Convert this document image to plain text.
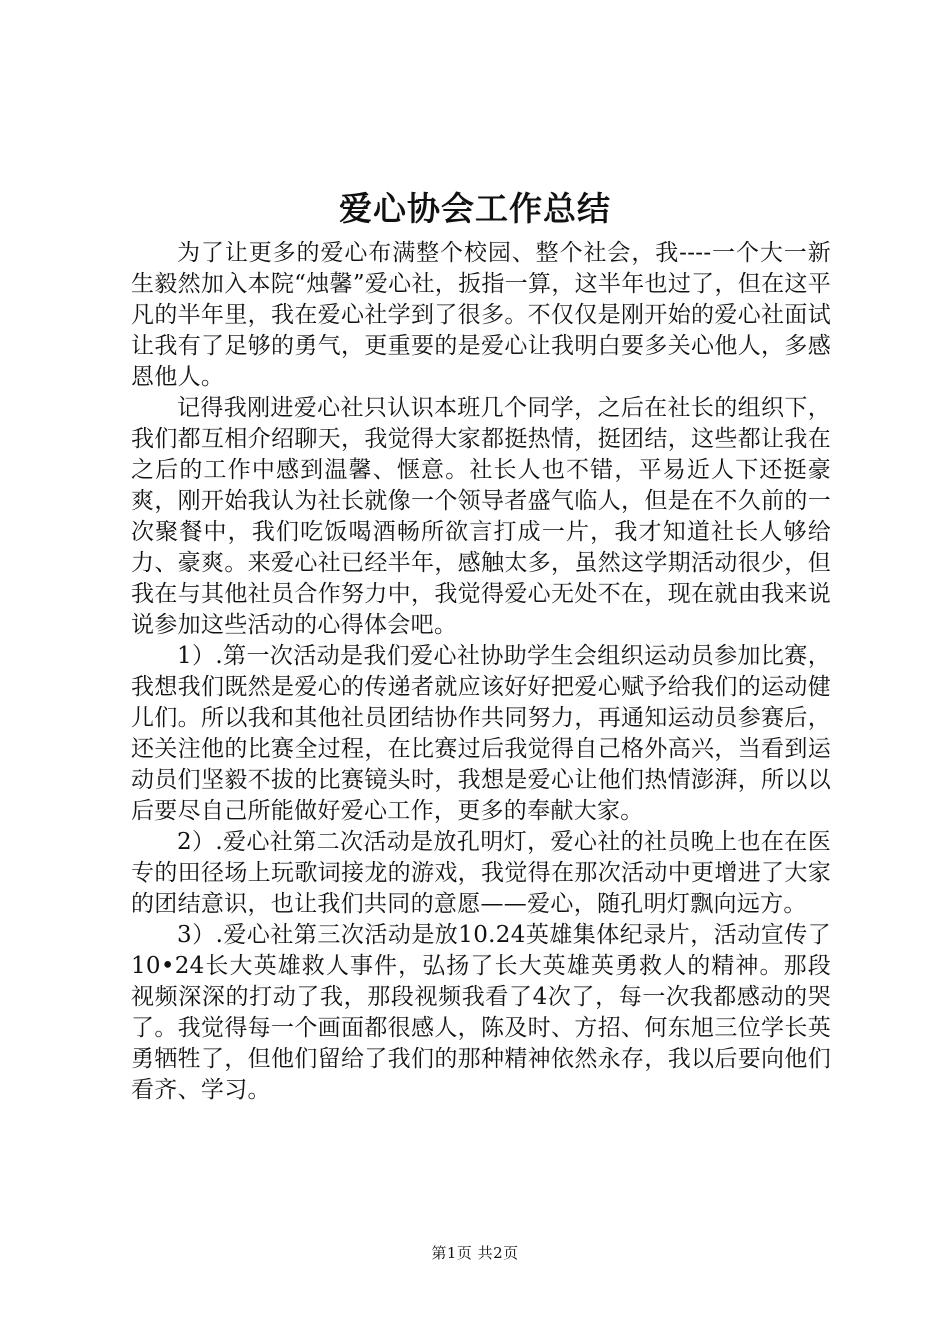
爱心协会工作总结

为了让更多的爱心布满整个校园、整个社会，我----一个大一新生毅然加入本院“烛馨”爱心社，扳指一算，这半年也过了，但在这平凡的半年里，我在爱心社学到了很多。不仅仅是刚开始的爱心社面试让我有了足够的勇气，更重要的是爱心让我明白要多关心他人，多感恩他人。

记得我刚进爱心社只认识本班几个同学，之后在社长的组织下，我们都互相介绍聊天，我觉得大家都挺热情，挺团结，这些都让我在之后的工作中感到温馨、惬意。社长人也不错，平易近人下还挺豪爽，刚开始我认为社长就像一个领导者盛气临人，但是在不久前的一次聚餐中，我们吃饭喝酒畅所欲言打成一片，我才知道社长人够给力、豪爽。来爱心社已经半年，感触太多，虽然这学期活动很少，但我在与其他社员合作努力中，我觉得爱心无处不在，现在就由我来说说参加这些活动的心得体会吧。

1）.第一次活动是我们爱心社协助学生会组织运动员参加比赛，我想我们既然是爱心的传递者就应该好好把爱心赋予给我们的运动健儿们。所以我和其他社员团结协作共同努力，再通知运动员参赛后，还关注他的比赛全过程，在比赛过后我觉得自己格外高兴，当看到运动员们坚毅不拔的比赛镜头时，我想是爱心让他们热情澎湃，所以以后要尽自己所能做好爱心工作，更多的奉献大家。

2）.爱心社第二次活动是放孔明灯，爱心社的社员晚上也在在医专的田径场上玩歌词接龙的游戏，我觉得在那次活动中更增进了大家的团结意识，也让我们共同的意愿——爱心，随孔明灯飘向远方。

3）.爱心社第三次活动是放10.24英雄集体纪录片，活动宣传了10•24长大英雄救人事件，弘扬了长大英雄英勇救人的精神。那段视频深深的打动了我，那段视频我看了4次了，每一次我都感动的哭了。我觉得每一个画面都很感人，陈及时、方招、何东旭三位学长英勇牺牲了，但他们留给了我们的那种精神依然永存，我以后要向他们看齐、学习。

第1页 共2页
